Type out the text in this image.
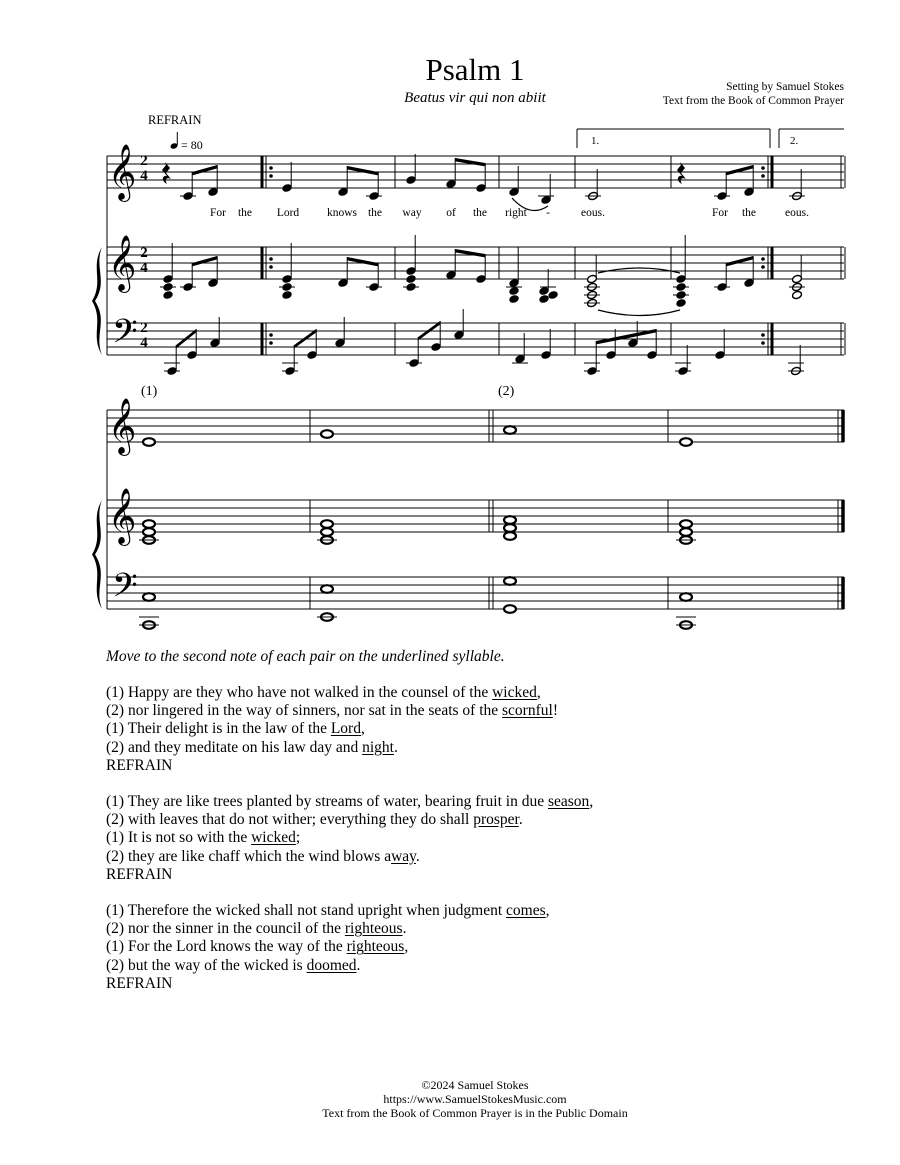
Psalm 1
Beatus vir qui non abiit
Setting by Samuel Stokes
Text from the Book of Common Prayer
REFRAIN
= 80	1.	2.
(1)	(2)
For the Lord knows the way of the right -	eous.	For the	eous.
2
4
2
4
2
4
𝄞
𝄞
𝄢
𝄞
𝄞
𝄢
Move to the second note of each pair on the underlined syllable.
(1) Happy are they who have not walked in the counsel of the wicked,
(2) nor lingered in the way of sinners, nor sat in the seats of the scornful!
(1) Their delight is in the law of the Lord,
(2) and they meditate on his law day and night.
REFRAIN
(1) They are like trees planted by streams of water, bearing fruit in due season,
(2) with leaves that do not wither; everything they do shall prosper.
(1) It is not so with the wicked;
(2) they are like chaff which the wind blows away.
REFRAIN
(1) Therefore the wicked shall not stand upright when judgment comes,
(2) nor the sinner in the council of the righteous.
(1) For the Lord knows the way of the righteous,
(2) but the way of the wicked is doomed.
REFRAIN
©2024 Samuel Stokes
https://www.SamuelStokesMusic.com
Text from the Book of Common Prayer is in the Public Domain
